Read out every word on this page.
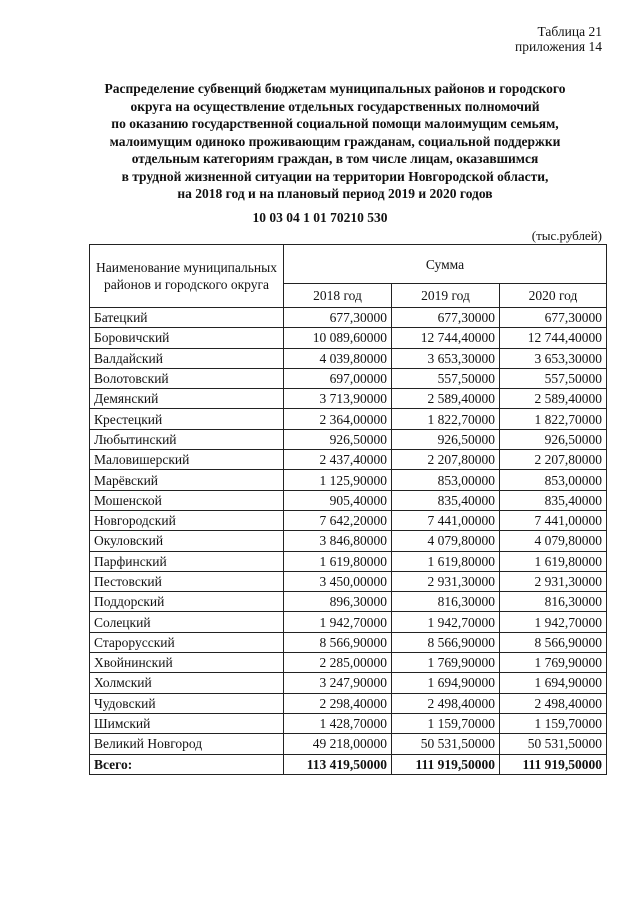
Таблица 21
приложения 14
Распределение субвенций бюджетам муниципальных районов и городского
округа на осуществление отдельных государственных полномочий
по оказанию государственной социальной помощи малоимущим семьям,
малоимущим одиноко проживающим гражданам, социальной поддержки
отдельным категориям граждан, в том числе лицам, оказавшимся
в трудной жизненной ситуации на территории Новгородской области,
на 2018 год и на плановый период 2019 и 2020 годов
10 03 04 1 01 70210 530
(тыс.рублей)
Наименование муниципальных районов и городского округа	Сумма		
	2018 год	2019 год	2020 год
Батецкий	677,30000	677,30000	677,30000
Боровичский	10 089,60000	12 744,40000	12 744,40000
Валдайский	4 039,80000	3 653,30000	3 653,30000
Волотовский	697,00000	557,50000	557,50000
Демянский	3 713,90000	2 589,40000	2 589,40000
Крестецкий	2 364,00000	1 822,70000	1 822,70000
Любытинский	926,50000	926,50000	926,50000
Маловишерский	2 437,40000	2 207,80000	2 207,80000
Марёвский	1 125,90000	853,00000	853,00000
Мошенской	905,40000	835,40000	835,40000
Новгородский	7 642,20000	7 441,00000	7 441,00000
Окуловский	3 846,80000	4 079,80000	4 079,80000
Парфинский	1 619,80000	1 619,80000	1 619,80000
Пестовский	3 450,00000	2 931,30000	2 931,30000
Поддорский	896,30000	816,30000	816,30000
Солецкий	1 942,70000	1 942,70000	1 942,70000
Старорусский	8 566,90000	8 566,90000	8 566,90000
Хвойнинский	2 285,00000	1 769,90000	1 769,90000
Холмский	3 247,90000	1 694,90000	1 694,90000
Чудовский	2 298,40000	2 498,40000	2 498,40000
Шимский	1 428,70000	1 159,70000	1 159,70000
Великий Новгород	49 218,00000	50 531,50000	50 531,50000
Всего:	113 419,50000	111 919,50000	111 919,50000
